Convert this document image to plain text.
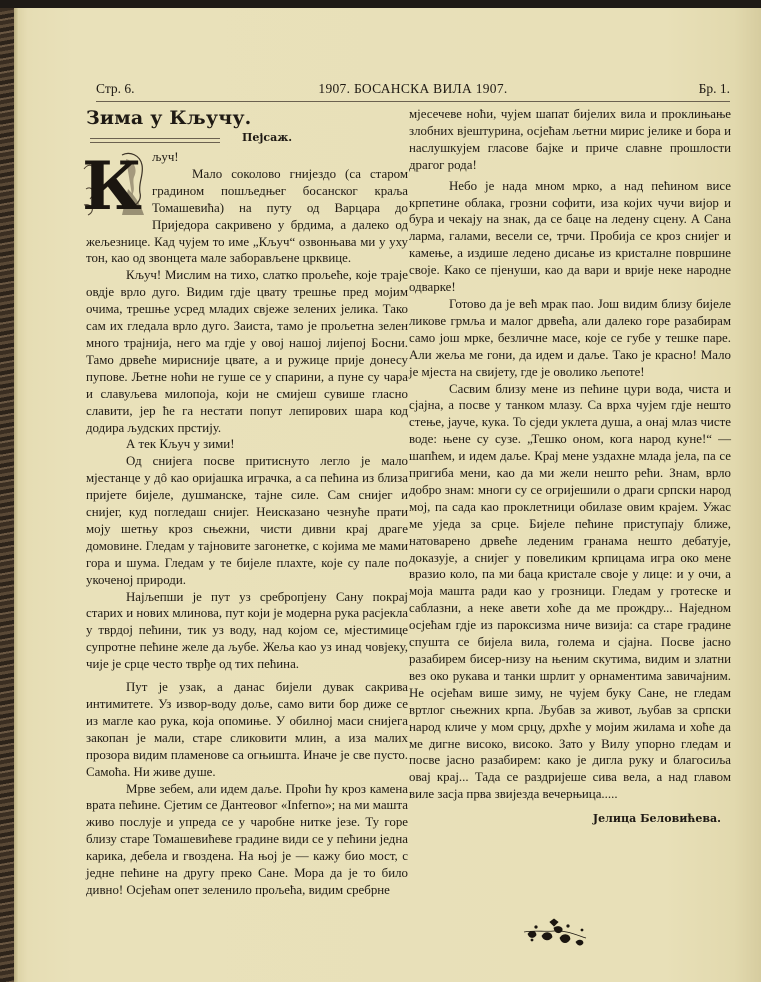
Стр. 6.	1907. БОСАНСКА ВИЛА 1907.	Бр. 1.
Зима у Кључу.
Пејсаж.
К ључ!

Мало соколово гнијездо (са старом градином пошљедњег босанског краља Томашевића) на путу од Варцара до Приједора сакривено у брдима, а далеко од жељезнице. Кад чујем то име „Кључ“ озвонњава ми у уху тон, као од звонцета мале заборављене црквице.

Кључ! Мислим на тихо, слатко прољеће, које траје овдје врло дуго. Видим гдје цвату трешње пред мојим очима, трешње усред младих свјеже зелених јелика. Тако сам их гледала врло дуго. Заиста, тамо је прољетна зелен много трајнија, него ма гдје у овој нашој лијепој Босни. Тамо дрвеће мирисније цвате, а и ружице прије донесу пупове. Љетне ноћи не гуше се у спарини, а пуне су чара и славуљева милопоја, који не смијеш сувише гласно славити, јер ће га нестати попут лепирових шара код додира људских прстију.

А тек Кључ у зими!

Од снијега посве притиснуто легло је мало мјестанце у дô као оријашка играчка, а са пећина из близа пријете бијеле, душманске, тајне силе. Сам снијег и снијег, куд погледаш снијег. Неисказано чезнуће прати моју шетњу кроз сњежни, чисти дивни крај драге домовине. Гледам у тајновите загонетке, с којима ме мами гора и шума. Гледам у те бијеле плахте, које су пале по укоченој природи.

Најљепши је пут уз сребропјену Сану покрај старих и нових млинова, пут који је модерна рука расјекла у тврдој пећини, тик уз воду, над којом се, мјестимице супротне пећине желе да љубе. Жеља као уз инад човјеку, чије је срце често тврђе од тих пећина.

Пут је узак, а данас бијели дувак сакрива интимитете. Уз извор-воду доље, само вити бор диже се из магле као рука, која опомиње. У обилној маси снијега закопан је мали, старе сликовити млин, а иза малих прозора видим пламенове са огњишта. Иначе је све пусто. Самоћа. Ни живе душе.

Мрве зебем, али идем даље. Проћи ћу кроз камена врата пећине. Сјетим се Дантеовог «Inferno»; на ми машта живо послује и упреда се у чаробне нитке језе. Ту горе близу старе Томашевићеве градине види се у пећини једна карика, дебела и гвоздена. На њој је — кажу био мост, с једне пећине на другу преко Сане. Мора да је то било дивно! Осјећам опет зеленило прољећа, видим сребрне

мјесечеве ноћи, чујем шапат бијелих вила и проклињање злобних вјештурина, осјећам љетни мирис јелике и бора и наслушкујем гласове бајке и приче славне прошлости драгог рода!

Небо је нада мном мрко, а над пећином висе крпетине облака, грозни софити, иза којих чучи вијор и бура и чекају на знак, да се баце на ледену сцену. А Сана ларма, галами, весели се, трчи. Пробија се кроз снијег и камење, а издише ледено дисање из кристалне површине своје. Како се пјенуши, као да вари и врије неке народне одварке!

Готово да је већ мрак пао. Још видим близу бијеле ликове грмља и малог дрвећа, али далеко горе разабирам само још мрке, безличне масе, које се губе у тешке паре. Али жеља ме гони, да идем и даље. Тако је красно! Мало је мјеста на свијету, где је оволико љепоте!

Сасвим близу мене из пећине цури вода, чиста и сјајна, а посве у танком млазу. Са врха чујем гдје нешто стење, јауче, кука. То сједи уклета душа, а онај млаз чисте воде: њене су сузе. „Тешко оном, кога народ куне!“ — шапћем, и идем даље. Крај мене уздахне млада јела, па се пригиба мени, као да ми жели нешто рећи. Знам, врло добро знам: многи су се огријешили о драги српски народ мој, па сада као проклетници обилазе овим крајем. Ужас ме уједа за срце. Бијеле пећине приступају ближе, натоварено дрвеће леденим гранама нешто дебатује, доказује, а снијег у повеликим крпицама игра око мене вразио коло, па ми баца кристале своје у лице: и у очи, а моја машта ради као у грозници. Гледам у гротеске и саблазни, а неке авети хоће да ме прождру... Наједном осјећам гдје из пароксизма ниче визија: са старе градине спушта се бијела вила, голема и сјајна. Посве јасно разабирем бисер-низу на њеним скутима, видим и златни вез око рукава и танки шрлит у орнаментима завичајним. Не осјећам више зиму, не чујем буку Сане, не гледам вртлог сњежних крпа. Љубав за живот, љубав за српски народ кличе у мом срцу, дрхће у мојим жилама и хоће да ме дигне високо, високо. Зато у Вилу упорно гледам и посве јасно разабирем: како је дигла руку и благосиља овај крај... Тада се раздријешe сива вела, а над главом виле засја прва звијезда вечерњица.....

Јелица Беловићева.
